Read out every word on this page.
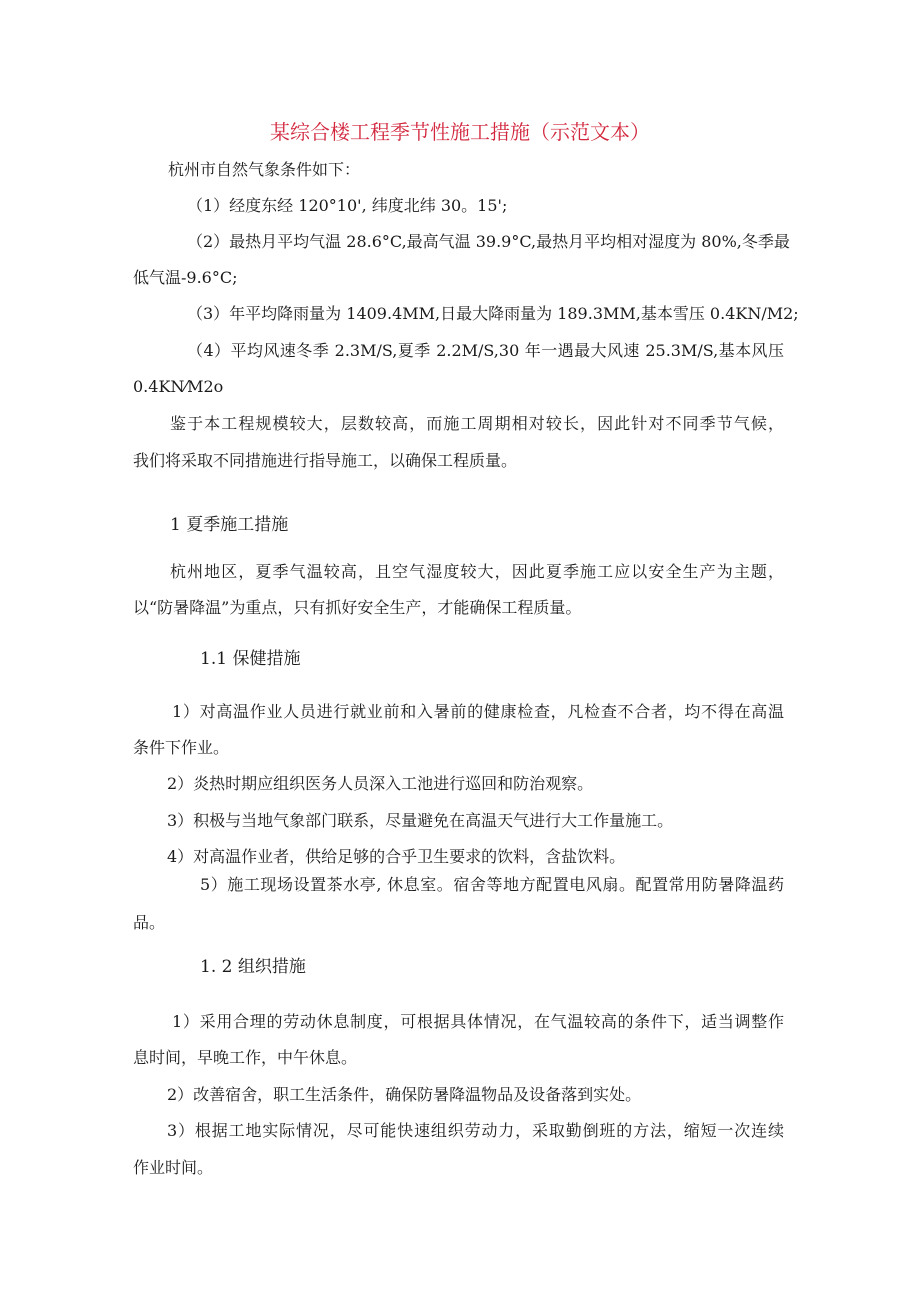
某综合楼工程季节性施工措施（示范文本）
杭州市自然气象条件如下：
（1）经度东经 120°10', 纬度北纬 30。15';
（2）最热月平均气温 28.6°C,最高气温 39.9°C,最热月平均相对湿度为 80%,冬季最
低气温-9.6°C;
（3）年平均降雨量为 1409.4MM,日最大降雨量为 189.3MM,基本雪压 0.4KN/M2;
（4）平均风速冬季 2.3M/S,夏季 2.2M/S,30 年一遇最大风速 25.3M/S,基本风压
0.4KN⁄M2o
鉴于本工程规模较大，层数较高，而施工周期相对较长，因此针对不同季节气候，
我们将采取不同措施进行指导施工，以确保工程质量。
1 夏季施工措施
杭州地区，夏季气温较高，且空气湿度较大，因此夏季施工应以安全生产为主题，
以“防暑降温”为重点，只有抓好安全生产，才能确保工程质量。
1.1 保健措施
1）对高温作业人员进行就业前和入暑前的健康检查，凡检查不合者，均不得在高温
条件下作业。
2）炎热时期应组织医务人员深入工池进行巡回和防治观察。
3）积极与当地气象部门联系，尽量避免在高温天气进行大工作量施工。
4）对高温作业者，供给足够的合乎卫生要求的饮料，含盐饮料。
5）施工现场设置茶水亭, 休息室。宿舍等地方配置电风扇。配置常用防暑降温药
品。
1. 2 组织措施
1）采用合理的劳动休息制度，可根据具体情况，在气温较高的条件下，适当调整作
息时间，早晚工作，中午休息。
2）改善宿舍，职工生活条件，确保防暑降温物品及设备落到实处。
3）根据工地实际情况，尽可能快速组织劳动力，采取勤倒班的方法，缩短一次连续
作业时间。
